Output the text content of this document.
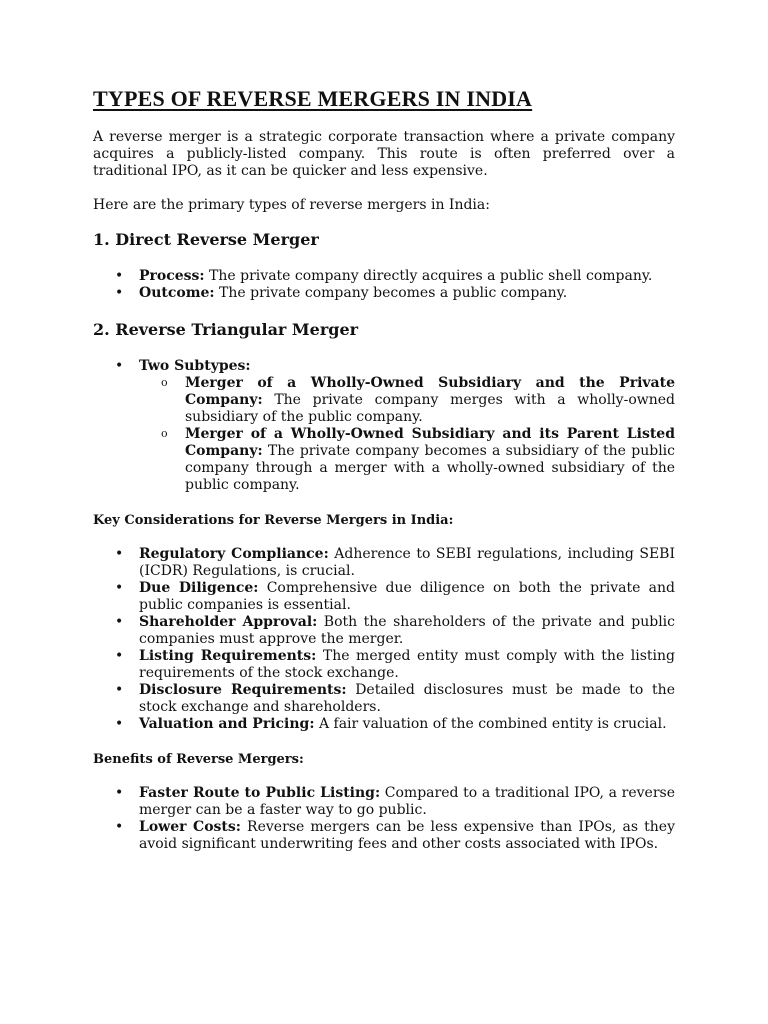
TYPES OF REVERSE MERGERS IN INDIA

A reverse merger is a strategic corporate transaction where a private company acquires a publicly-listed company. This route is often preferred over a traditional IPO, as it can be quicker and less expensive.

Here are the primary types of reverse mergers in India:

1. Direct Reverse Merger
• Process: The private company directly acquires a public shell company.
• Outcome: The private company becomes a public company.
2. Reverse Triangular Merger
• Two Subtypes:
o Merger of a Wholly-Owned Subsidiary and the Private Company: The private company merges with a wholly-owned subsidiary of the public company.
o Merger of a Wholly-Owned Subsidiary and its Parent Listed Company: The private company becomes a subsidiary of the public company through a merger with a wholly-owned subsidiary of the public company.
Key Considerations for Reverse Mergers in India:
• Regulatory Compliance: Adherence to SEBI regulations, including SEBI (ICDR) Regulations, is crucial.
• Due Diligence: Comprehensive due diligence on both the private and public companies is essential.
• Shareholder Approval: Both the shareholders of the private and public companies must approve the merger.
• Listing Requirements: The merged entity must comply with the listing requirements of the stock exchange.
• Disclosure Requirements: Detailed disclosures must be made to the stock exchange and shareholders.
• Valuation and Pricing: A fair valuation of the combined entity is crucial.
Benefits of Reverse Mergers:
• Faster Route to Public Listing: Compared to a traditional IPO, a reverse merger can be a faster way to go public.
• Lower Costs: Reverse mergers can be less expensive than IPOs, as they avoid significant underwriting fees and other costs associated with IPOs.
